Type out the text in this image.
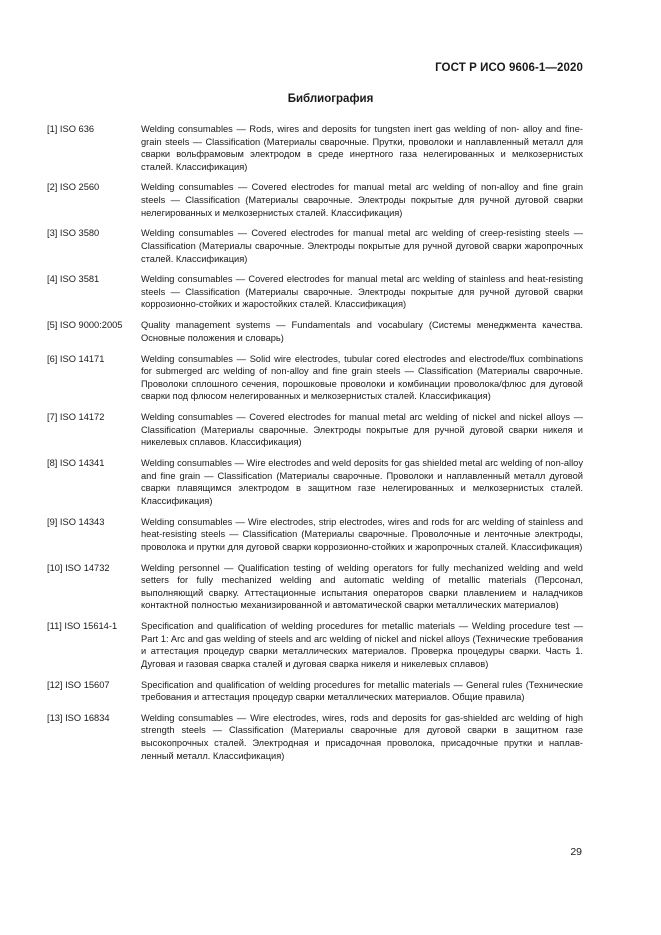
ГОСТ Р ИСО 9606-1—2020
Библиография
[1] ISO 636	Welding consumables — Rods, wires and deposits for tungsten inert gas welding of non- alloy and fine-grain steels — Classification (Материалы сварочные. Прутки, проволоки и наплавленный металл для сварки вольфрамовым электродом в среде инертного газа нелегированных и мелкозернистых сталей. Классификация)
[2] ISO 2560	Welding consumables — Covered electrodes for manual metal arc welding of non-alloy and fine grain steels — Classification (Материалы сварочные. Электроды покрытые для ручной дуговой сварки нелегированных и мелкозернистых сталей. Классификация)
[3] ISO 3580	Welding consumables — Covered electrodes for manual metal arc welding of creep-resisting steels — Classification (Материалы сварочные. Электроды покрытые для ручной дуговой сварки жаропрочных сталей. Классификация)
[4] ISO 3581	Welding consumables — Covered electrodes for manual metal arc welding of stainless and heat-resisting steels — Classification (Материалы сварочные. Электроды покрытые для ручной дуговой сварки коррозионно-стойких и жаростойких сталей. Классификация)
[5] ISO 9000:2005	Quality management systems — Fundamentals and vocabulary (Системы менеджмента качества. Основные положения и словарь)
[6] ISO 14171	Welding consumables — Solid wire electrodes, tubular cored electrodes and electrode/flux combinations for submerged arc welding of non-alloy and fine grain steels — Classification (Материалы сварочные. Проволоки сплошного сечения, порошковые проволоки и комбинации проволока/флюс для дуговой сварки под флюсом нелегированных и мелкозернистых сталей. Классификация)
[7] ISO 14172	Welding consumables — Covered electrodes for manual metal arc welding of nickel and nickel alloys — Classification (Материалы сварочные. Электроды покрытые для ручной дуговой сварки никеля и никелевых сплавов. Классификация)
[8] ISO 14341	Welding consumables — Wire electrodes and weld deposits for gas shielded metal arc welding of non-alloy and fine grain — Classification (Материалы сварочные. Проволоки и наплавленный металл дуговой сварки плавящимся электродом в защитном газе нелегированных и мелкозернистых сталей. Классификация)
[9] ISO 14343	Welding consumables — Wire electrodes, strip electrodes, wires and rods for arc welding of stainless and heat-resisting steels — Classification (Материалы сварочные. Проволочные и ленточные электроды, проволока и прутки для дуговой сварки коррозионно-стойких и жаропрочных сталей. Классификация)
[10] ISO 14732	Welding personnel — Qualification testing of welding operators for fully mechanized welding and weld setters for fully mechanized welding and automatic welding of metallic materials (Персонал, выполняющий сварку. Аттестационные испытания операторов сварки плавлением и наладчиков контактной полностью механизированной и автоматической сварки металлических материалов)
[11] ISO 15614-1	Specification and qualification of welding procedures for metallic materials — Welding procedure test — Part 1: Arc and gas welding of steels and arc welding of nickel and nickel alloys (Технические требования и аттестация процедур сварки металлических материалов. Проверка процедуры сварки. Часть 1. Дуговая и газовая сварка сталей и дуговая сварка никеля и никелевых сплавов)
[12] ISO 15607	Specification and qualification of welding procedures for metallic materials — General rules (Технические требования и аттестация процедур сварки металлических материалов. Общие правила)
[13] ISO 16834	Welding consumables — Wire electrodes, wires, rods and deposits for gas-shielded arc welding of high strength steels — Classification (Материалы сварочные для дуговой сварки в защитном газе высокопрочных сталей. Электродная и присадочная проволока, присадочные прутки и наплавленный металл. Классификация)
29
